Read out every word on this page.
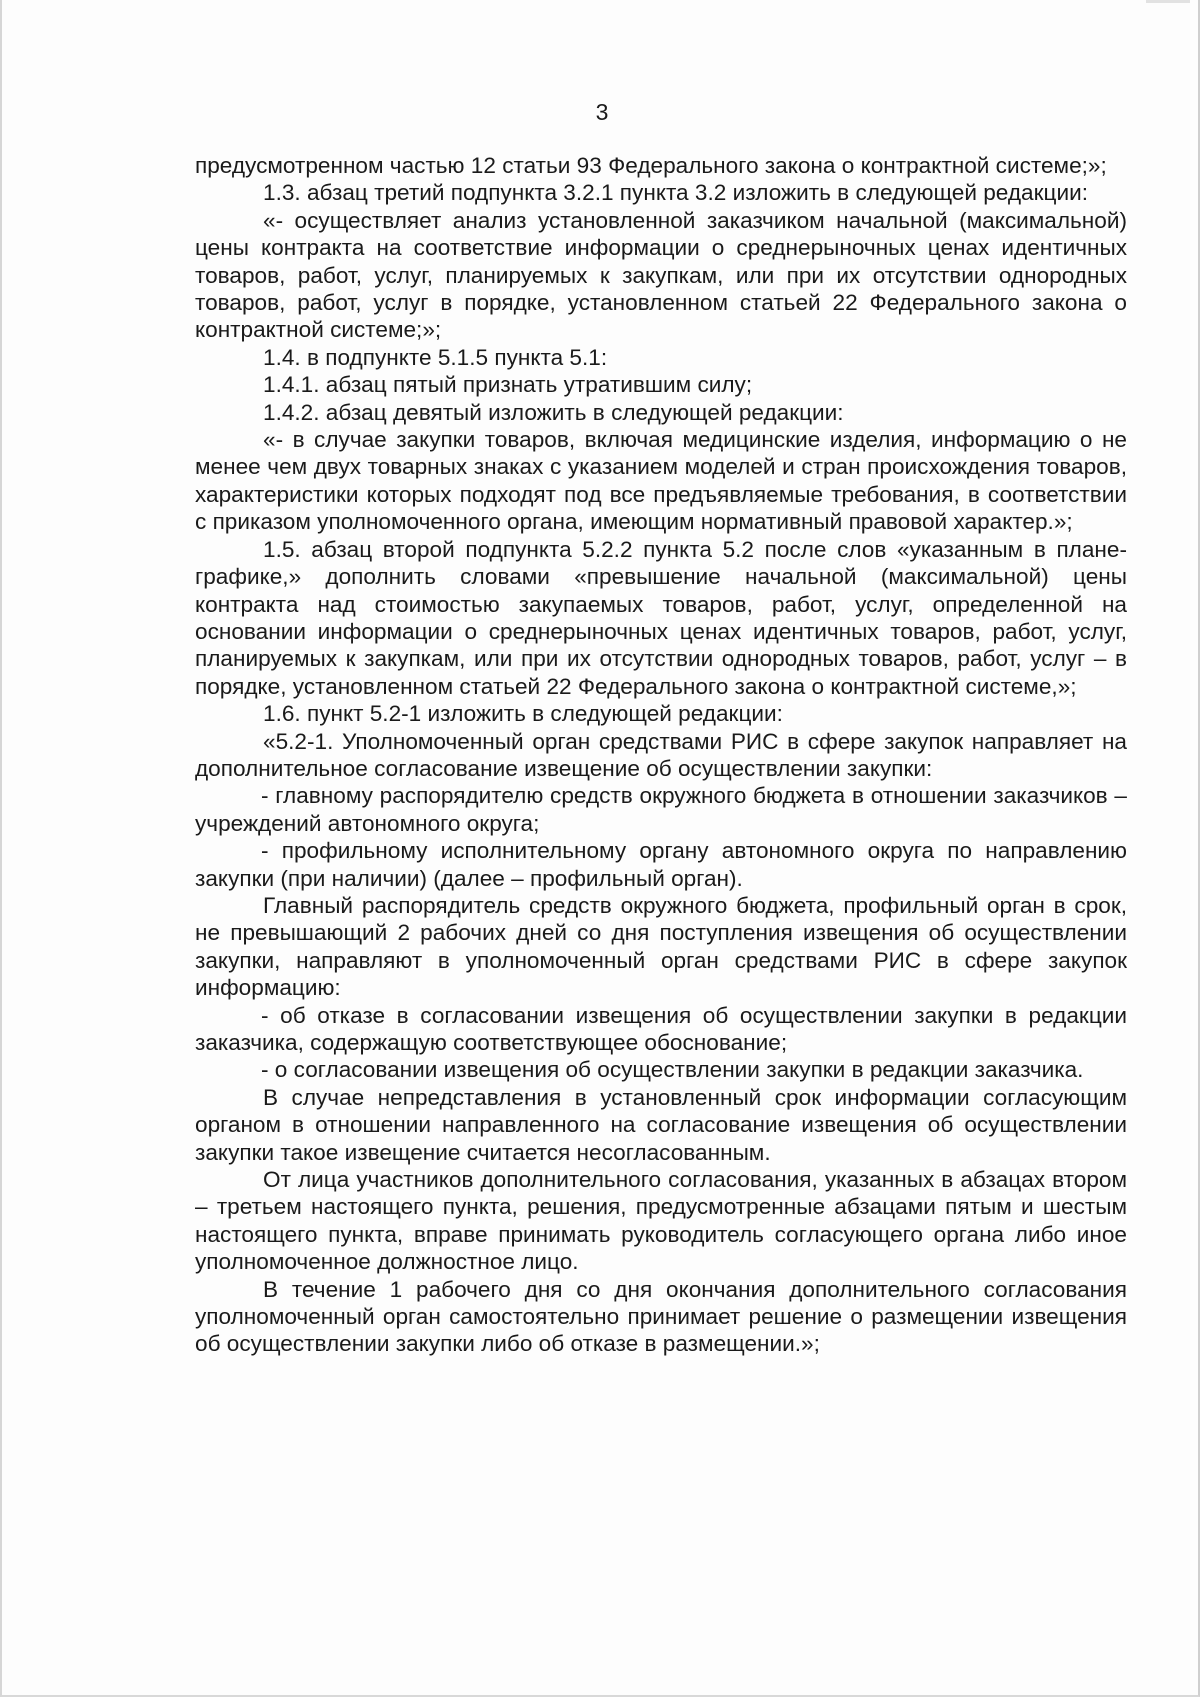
3

предусмотренном частью 12 статьи 93 Федерального закона о контрактной системе;»;

1.3. абзац третий подпункта 3.2.1 пункта 3.2 изложить в следующей редакции:

«- осуществляет анализ установленной заказчиком начальной (максимальной) цены контракта на соответствие информации о среднерыночных ценах идентичных товаров, работ, услуг, планируемых к закупкам, или при их отсутствии однородных товаров, работ, услуг в порядке, установленном статьей 22 Федерального закона о контрактной системе;»;

1.4. в подпункте 5.1.5 пункта 5.1:

1.4.1. абзац пятый признать утратившим силу;

1.4.2. абзац девятый изложить в следующей редакции:

«- в случае закупки товаров, включая медицинские изделия, информацию о не менее чем двух товарных знаках с указанием моделей и стран происхождения товаров, характеристики которых подходят под все предъявляемые требования, в соответствии с приказом уполномоченного органа, имеющим нормативный правовой характер.»;

1.5. абзац второй подпункта 5.2.2 пункта 5.2 после слов «указанным в плане-графике,» дополнить словами «превышение начальной (максимальной) цены контракта над стоимостью закупаемых товаров, работ, услуг, определенной на основании информации о среднерыночных ценах идентичных товаров, работ, услуг, планируемых к закупкам, или при их отсутствии однородных товаров, работ, услуг – в порядке, установленном статьей 22 Федерального закона о контрактной системе,»;

1.6. пункт 5.2-1 изложить в следующей редакции:

«5.2-1. Уполномоченный орган средствами РИС в сфере закупок направляет на дополнительное согласование извещение об осуществлении закупки:

- главному распорядителю средств окружного бюджета в отношении заказчиков – учреждений автономного округа;

- профильному исполнительному органу автономного округа по направлению закупки (при наличии) (далее – профильный орган).

Главный распорядитель средств окружного бюджета, профильный орган в срок, не превышающий 2 рабочих дней со дня поступления извещения об осуществлении закупки, направляют в уполномоченный орган средствами РИС в сфере закупок информацию:

- об отказе в согласовании извещения об осуществлении закупки в редакции заказчика, содержащую соответствующее обоснование;

- о согласовании извещения об осуществлении закупки в редакции заказчика.

В случае непредставления в установленный срок информации согласующим органом в отношении направленного на согласование извещения об осуществлении закупки такое извещение считается несогласованным.

От лица участников дополнительного согласования, указанных в абзацах втором – третьем настоящего пункта, решения, предусмотренные абзацами пятым и шестым настоящего пункта, вправе принимать руководитель согласующего органа либо иное уполномоченное должностное лицо.

В течение 1 рабочего дня со дня окончания дополнительного согласования уполномоченный орган самостоятельно принимает решение о размещении извещения об осуществлении закупки либо об отказе в размещении.»;
